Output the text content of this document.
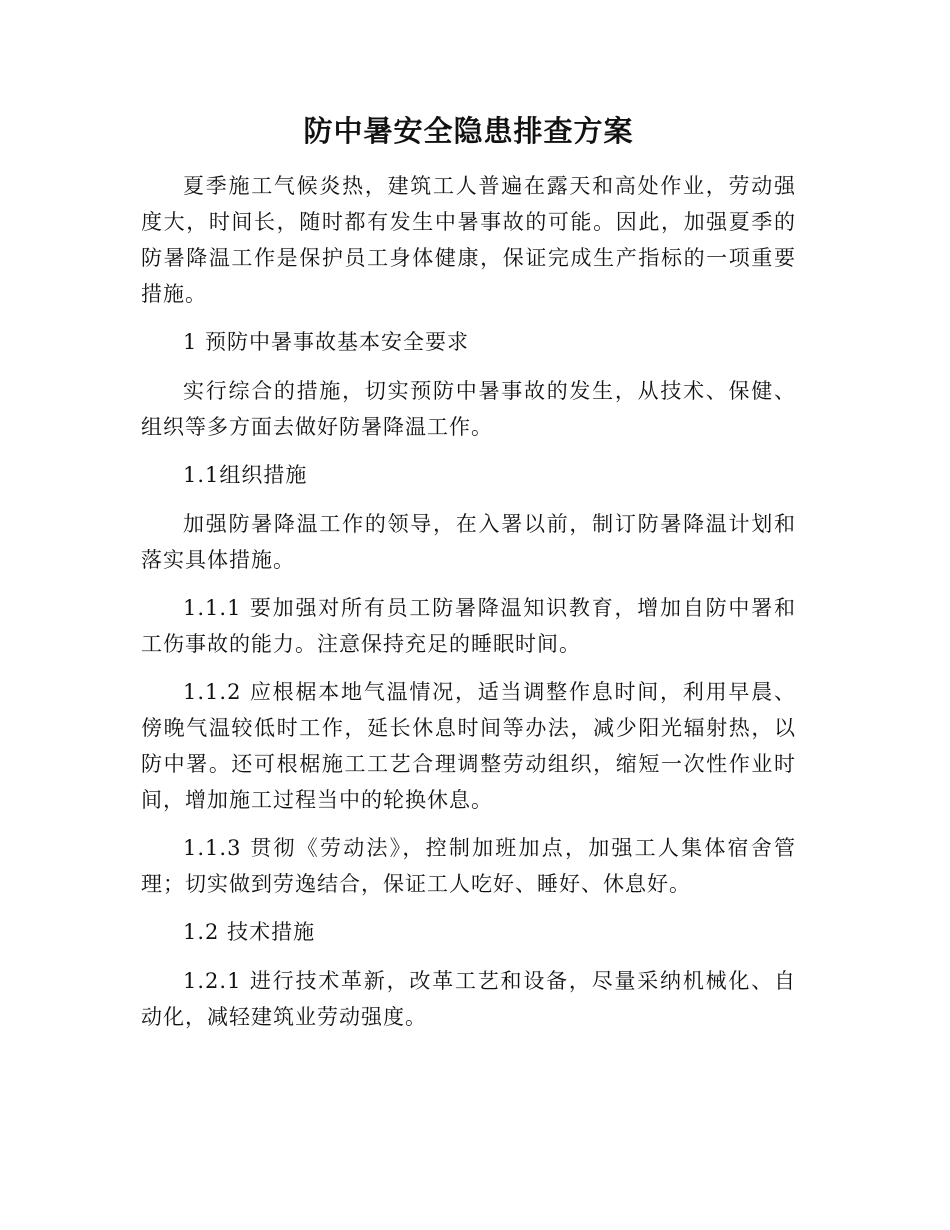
防中暑安全隐患排查方案

夏季施工气候炎热，建筑工人普遍在露天和高处作业，劳动强度大，时间长，随时都有发生中暑事故的可能。因此，加强夏季的防暑降温工作是保护员工身体健康，保证完成生产指标的一项重要措施。

1 预防中暑事故基本安全要求

实行综合的措施，切实预防中暑事故的发生，从技术、保健、组织等多方面去做好防暑降温工作。

1.1组织措施

加强防暑降温工作的领导，在入署以前，制订防暑降温计划和落实具体措施。

1.1.1 要加强对所有员工防暑降温知识教育，增加自防中署和工伤事故的能力。注意保持充足的睡眠时间。

1.1.2 应根椐本地气温情况，适当调整作息时间，利用早晨、傍晚气温较低时工作，延长休息时间等办法，减少阳光辐射热，以防中署。还可根椐施工工艺合理调整劳动组织，缩短一次性作业时间，增加施工过程当中的轮换休息。

1.1.3 贯彻《劳动法》，控制加班加点，加强工人集体宿舍管理；切实做到劳逸结合，保证工人吃好、睡好、休息好。

1.2 技术措施

1.2.1 进行技术革新，改革工艺和设备，尽量采纳机械化、自动化，减轻建筑业劳动强度。
